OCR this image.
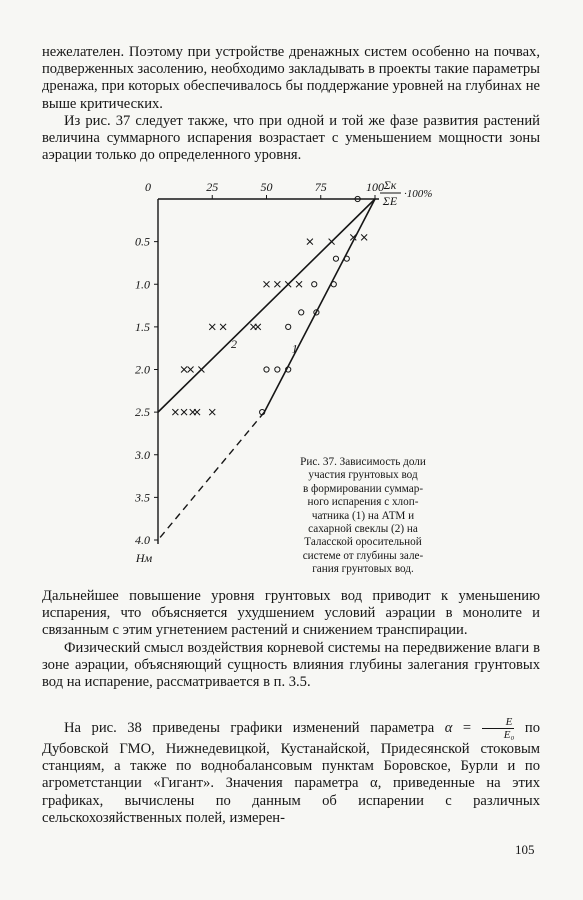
нежелателен. Поэтому при устройстве дренажных систем особенно на почвах, подверженных засолению, необходимо закладывать в проекты такие параметры дренажа, при которых обеспечивалось бы поддержание уровней на глубинах не выше критических.

Из рис. 37 следует также, что при одной и той же фазе развития растений величина суммарного испарения возрастает с уменьшением мощности зоны аэрации только до определенного уровня.

0	25	50	75	100
0.5
1.0
1.5
2.0
2.5
3.0
3.5
4.0
1
2
Σк
ΣЕ ·100%
Нм
Рис. 37. Зависимость доли
участия грунтовых вод
в формировании суммар-
ного испарения с хлоп-
чатника (1) на АТМ и
сахарной свеклы (2) на
Таласской оросительной
системе от глубины зале-
гания грунтовых вод.

Дальнейшее повышение уровня грунтовых вод приводит к уменьшению испарения, что объясняется ухудшением условий аэрации в монолите и связанным с этим угнетением растений и снижением транспирации.

Физический смысл воздействия корневой системы на передвижение влаги в зоне аэрации, объясняющий сущность влияния глубины залегания грунтовых вод на испарение, рассматривается в п. 3.5.

На рис. 38 приведены графики изменений параметра $\alpha = \frac{E}{\text{E₀}}$ по Дубовской ГМО, Нижнедевицкой, Кустанайской, Придесянской стоковым станциям, а также по воднобалансовым пунктам Боровское, Бурли и по агрометстанции «Гигант». Значения параметра α, приведенные на этих графиках, вычислены по данным об испарении с различных сельскохозяйственных полей, измерен-

105
